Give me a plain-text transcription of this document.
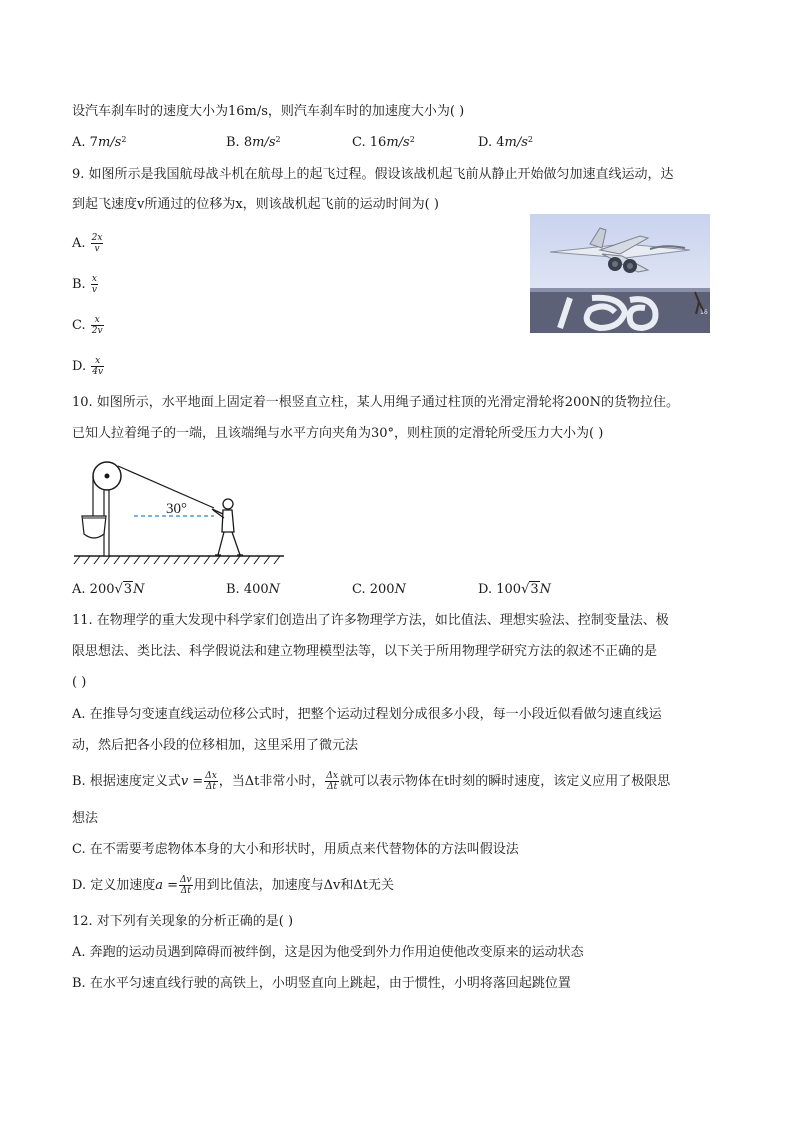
设汽车刹车时的速度大小为16m/s，则汽车刹车时的加速度大小为( )
A. $7m/s^2$	B. $8m/s^2$	C. $16m/s^2$	D. $4m/s^2$
9. 如图所示是我国航母战斗机在航母上的起飞过程。假设该战机起飞前从静止开始做匀加速直线运动，达
到起飞速度v所通过的位移为x，则该战机起飞前的运动时间为( )
A. $\frac{2x}{v}$
B. $\frac{x}{v}$
C. $\frac{x}{2v}$
D. $\frac{x}{4v}$
16
10. 如图所示，水平地面上固定着一根竖直立柱，某人用绳子通过柱顶的光滑定滑轮将200N的货物拉住。
已知人拉着绳子的一端，且该端绳与水平方向夹角为30°，则柱顶的定滑轮所受压力大小为( )
30°
A. 200√3N	B. 400N	C. 200N	D. 100√3N
11. 在物理学的重大发现中科学家们创造出了许多物理学方法，如比值法、理想实验法、控制变量法、极
限思想法、类比法、科学假说法和建立物理模型法等，以下关于所用物理学研究方法的叙述不正确的是
( )
A. 在推导匀变速直线运动位移公式时，把整个运动过程划分成很多小段，每一小段近似看做匀速直线运
动，然后把各小段的位移相加，这里采用了微元法
B. 根据速度定义式$v = \frac{\Delta x}{\Delta t}$ ，当Δt非常小时， $\frac{\Delta x}{\Delta t}$ 就可以表示物体在t时刻的瞬时速度，该定义应用了极限思
想法
C. 在不需要考虑物体本身的大小和形状时，用质点来代替物体的方法叫假设法
D. 定义加速度$a = \frac{\Delta v}{\Delta t}$ 用到比值法，加速度与Δv和Δt无关
12. 对下列有关现象的分析正确的是( )
A. 奔跑的运动员遇到障碍而被绊倒，这是因为他受到外力作用迫使他改变原来的运动状态
B. 在水平匀速直线行驶的高铁上，小明竖直向上跳起，由于惯性，小明将落回起跳位置
